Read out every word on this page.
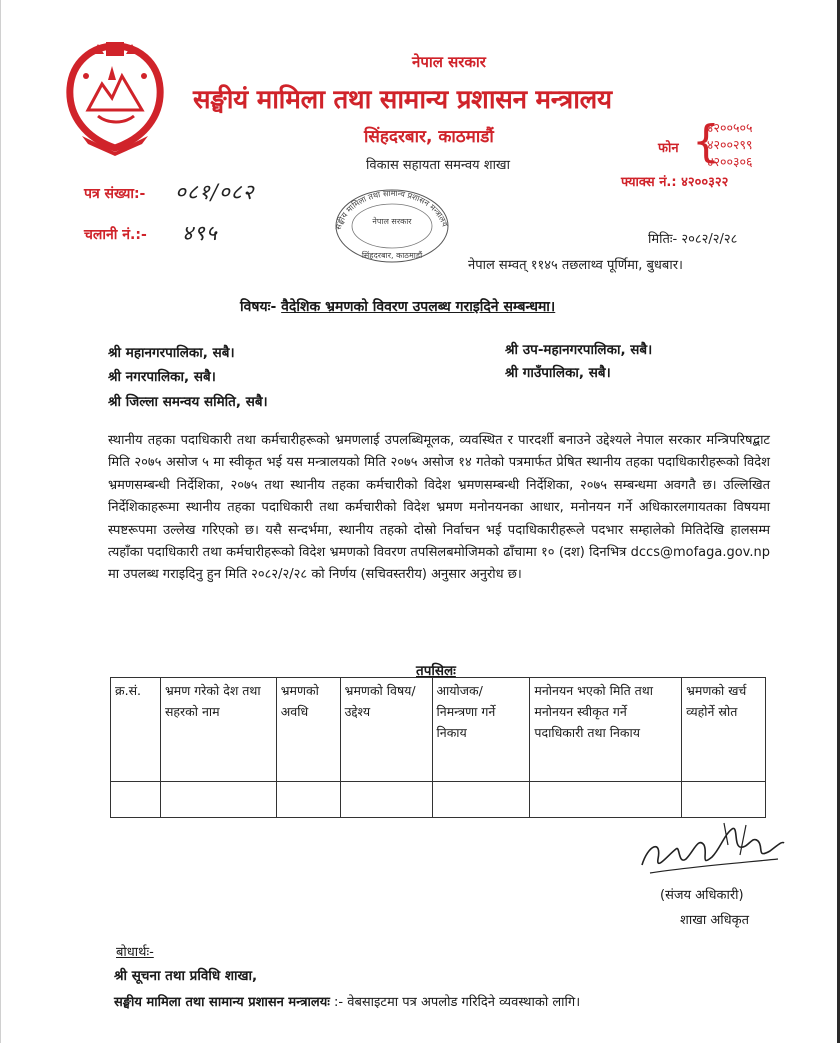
नेपाल सरकार
सङ्घीयं मामिला तथा सामान्य प्रशासन मन्त्रालय
सिंहदरबार, काठमाडौं
विकास सहायता समन्वय शाखा
फोन {
४२००५०५
४२००२९९
४२००३०६
फ्याक्स नं.: ४२००३२२
पत्र संख्या:- ०८१/०८२
चलानी नं.:- ४९५	सङ्घीय मामिला तथा सामान्य प्रशासन मन्त्रालय
नेपाल सरकार
सिंहदरबार, काठमाडौं
मितिः- २०८२/२/२८
नेपाल सम्वत् ११४५ तछलाथ्व पूर्णिमा, बुधबार।
विषयः- वैदेशिक भ्रमणको विवरण उपलब्ध गराइदिने सम्बन्धमा।
श्री महानगरपालिका, सबै।	श्री उप-महानगरपालिका, सबै।
श्री नगरपालिका, सबै।	श्री गाउँपालिका, सबै।
श्री जिल्ला समन्वय समिति, सबै।
स्थानीय तहका पदाधिकारी तथा कर्मचारीहरूको भ्रमणलाई उपलब्धिमूलक, व्यवस्थित र पारदर्शी बनाउने उद्देश्यले नेपाल सरकार मन्त्रिपरिषद्बाट मिति २०७५ असोज ५ मा स्वीकृत भई यस मन्त्रालयको मिति २०७५ असोज १४ गतेको पत्रमार्फत प्रेषित स्थानीय तहका पदाधिकारीहरूको विदेश भ्रमणसम्बन्धी निर्देशिका, २०७५ तथा स्थानीय तहका कर्मचारीको विदेश भ्रमणसम्बन्धी निर्देशिका, २०७५ सम्बन्धमा अवगतै छ। उल्लिखित निर्देशिकाहरूमा स्थानीय तहका पदाधिकारी तथा कर्मचारीको विदेश भ्रमण मनोनयनका आधार, मनोनयन गर्ने अधिकारलगायतका विषयमा स्पष्टरूपमा उल्लेख गरिएको छ। यसै सन्दर्भमा, स्थानीय तहको दोस्रो निर्वाचन भई पदाधिकारीहरूले पदभार सम्हालेको मितिदेखि हालसम्म त्यहाँका पदाधिकारी तथा कर्मचारीहरूको विदेश भ्रमणको विवरण तपसिलबमोजिमको ढाँचामा १० (दश) दिनभित्र dccs@mofaga.gov.np मा उपलब्ध गराइदिनु हुन मिति २०८२/२/२८ को निर्णय (सचिवस्तरीय) अनुसार अनुरोध छ।
तपसिलः
क्र.सं.	भ्रमण गरेको देश तथा सहरको नाम	भ्रमणको अवधि	भ्रमणको विषय/उद्देश्य	आयोजक/ निमन्त्रणा गर्ने निकाय	मनोनयन भएको मिति तथा मनोनयन स्वीकृत गर्ने पदाधिकारी तथा निकाय	भ्रमणको खर्च व्यहोर्ने स्रोत

(संजय अधिकारी)
शाखा अधिकृत
बोधार्थः-
श्री सूचना तथा प्रविधि शाखा,
सङ्घीय मामिला तथा सामान्य प्रशासन मन्त्रालयः :- वेबसाइटमा पत्र अपलोड गरिदिने व्यवस्थाको लागि।
